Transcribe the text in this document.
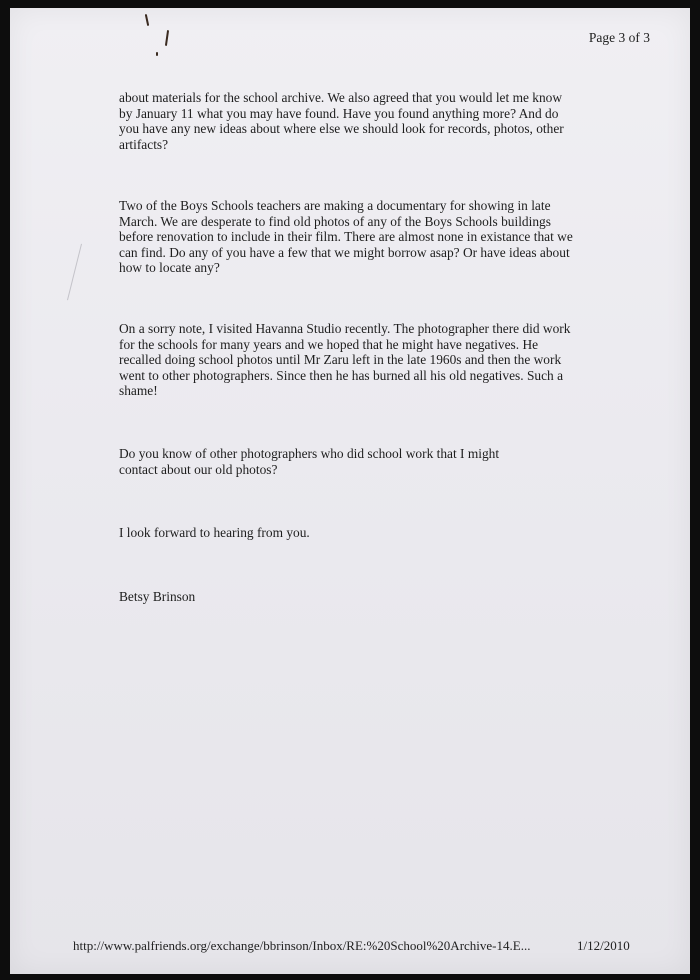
Page 3 of 3

about materials for the school archive. We also agreed that you would let me know
by January 11 what you may have found. Have you found anything more? And do
you have any new ideas about where else we should look for records, photos, other
artifacts?

Two of the Boys Schools teachers are making a documentary for showing in late
March. We are desperate to find old photos of any of the Boys Schools buildings
before renovation to include in their film. There are almost none in existance that we
can find. Do any of you have a few that we might borrow asap? Or have ideas about
how to locate any?

On a sorry note, I visited Havanna Studio recently. The photographer there did work
for the schools for many years and we hoped that he might have negatives. He
recalled doing school photos until Mr Zaru left in the late 1960s and then the work
went to other photographers. Since then he has burned all his old negatives. Such a
shame!

Do you know of other photographers who did school work that I might
contact about our old photos?

I look forward to hearing from you.

Betsy Brinson

http://www.palfriends.org/exchange/bbrinson/Inbox/RE:%20School%20Archive-14.E...	1/12/2010
